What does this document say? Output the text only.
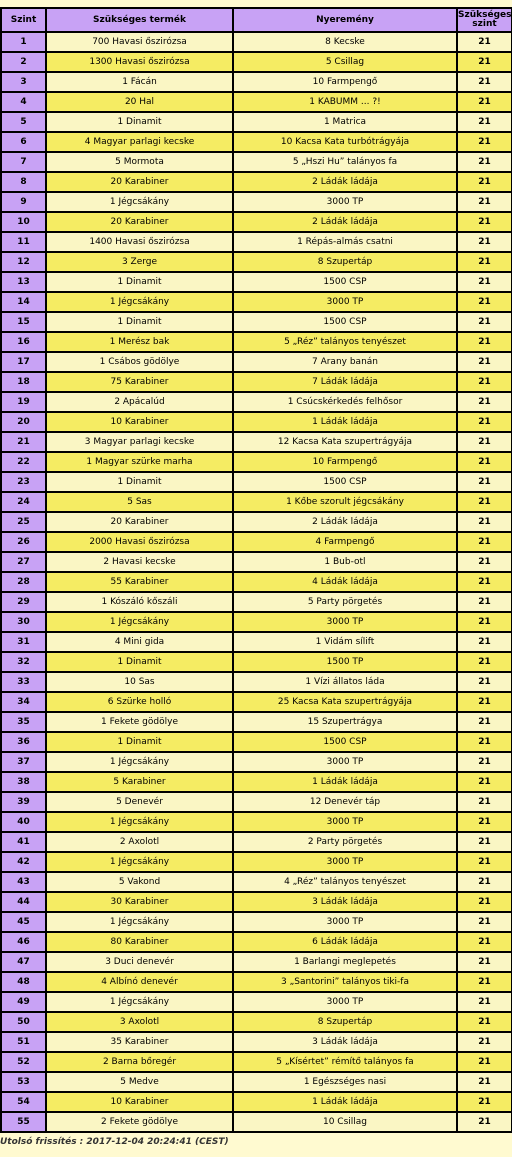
Szint	Szükséges termék	Nyeremény	Szükséges
szint
1	700 Havasi őszirózsa	8 Kecske	21
2	1300 Havasi őszirózsa	5 Csillag	21
3	1 Fácán	10 Farmpengő	21
4	20 Hal	1 KABUMM ... ?!	21
5	1 Dinamit	1 Matrica	21
6	4 Magyar parlagi kecske	10 Kacsa Kata turbótrágyája	21
7	5 Mormota	5 „Hszi Hu” talányos fa	21
8	20 Karabiner	2 Ládák ládája	21
9	1 Jégcsákány	3000 TP	21
10	20 Karabiner	2 Ládák ládája	21
11	1400 Havasi őszirózsa	1 Répás-almás csatni	21
12	3 Zerge	8 Szupertáp	21
13	1 Dinamit	1500 CSP	21
14	1 Jégcsákány	3000 TP	21
15	1 Dinamit	1500 CSP	21
16	1 Merész bak	5 „Réz” talányos tenyészet	21
17	1 Csábos gödölye	7 Arany banán	21
18	75 Karabiner	7 Ládák ládája	21
19	2 Apácalúd	1 Csúcskérkedés felhősor	21
20	10 Karabiner	1 Ládák ládája	21
21	3 Magyar parlagi kecske	12 Kacsa Kata szupertrágyája	21
22	1 Magyar szürke marha	10 Farmpengő	21
23	1 Dinamit	1500 CSP	21
24	5 Sas	1 Kőbe szorult jégcsákány	21
25	20 Karabiner	2 Ládák ládája	21
26	2000 Havasi őszirózsa	4 Farmpengő	21
27	2 Havasi kecske	1 Bub-otl	21
28	55 Karabiner	4 Ládák ládája	21
29	1 Kószáló kőszáli	5 Party pörgetés	21
30	1 Jégcsákány	3000 TP	21
31	4 Mini gida	1 Vidám sílift	21
32	1 Dinamit	1500 TP	21
33	10 Sas	1 Vízi állatos láda	21
34	6 Szürke holló	25 Kacsa Kata szupertrágyája	21
35	1 Fekete gödölye	15 Szupertrágya	21
36	1 Dinamit	1500 CSP	21
37	1 Jégcsákány	3000 TP	21
38	5 Karabiner	1 Ládák ládája	21
39	5 Denevér	12 Denevér táp	21
40	1 Jégcsákány	3000 TP	21
41	2 Axolotl	2 Party pörgetés	21
42	1 Jégcsákány	3000 TP	21
43	5 Vakond	4 „Réz” talányos tenyészet	21
44	30 Karabiner	3 Ládák ládája	21
45	1 Jégcsákány	3000 TP	21
46	80 Karabiner	6 Ládák ládája	21
47	3 Duci denevér	1 Barlangi meglepetés	21
48	4 Albínó denevér	3 „Santorini” talányos tiki-fa	21
49	1 Jégcsákány	3000 TP	21
50	3 Axolotl	8 Szupertáp	21
51	35 Karabiner	3 Ládák ládája	21
52	2 Barna bőregér	5 „Kísértet” rémítő talányos fa	21
53	5 Medve	1 Egészséges nasi	21
54	10 Karabiner	1 Ládák ládája	21
55	2 Fekete gödölye	10 Csillag	21
Utolsó frissítés : 2017-12-04 20:24:41 (CEST)
